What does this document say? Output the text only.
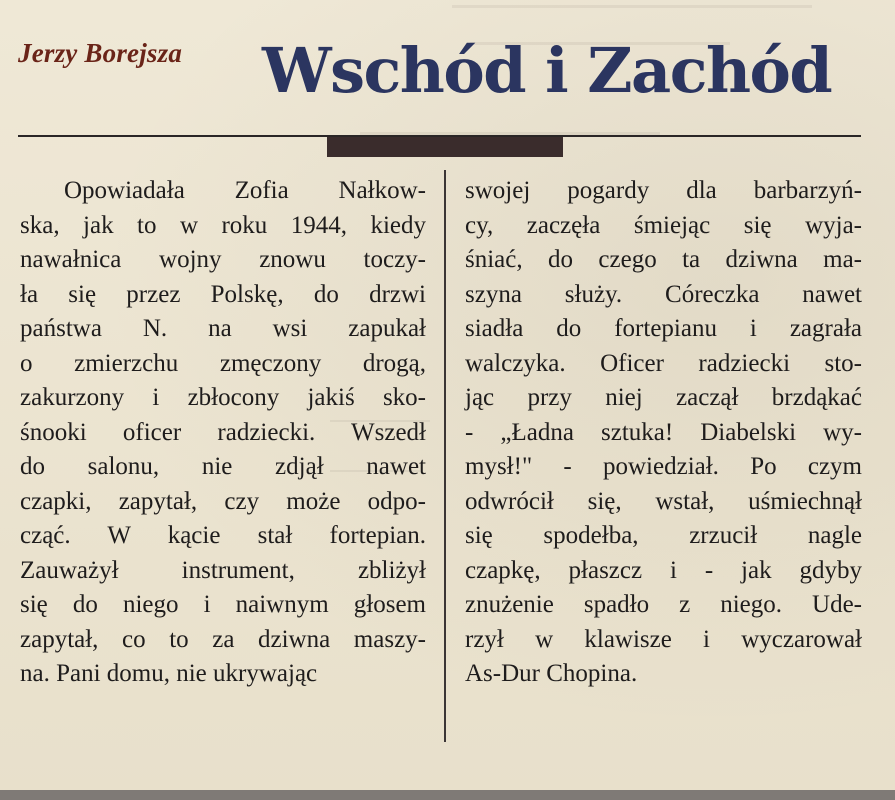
Jerzy Borejsza Wschód i Zachód
Opowiadała Zofia Nałkow-
ska, jak to w roku 1944, kiedy
nawałnica wojny znowu toczy-
ła się przez Polskę, do drzwi
państwa N. na wsi zapukał
o zmierzchu zmęczony drogą,
zakurzony i zbłocony jakiś sko-
śnooki oficer radziecki. Wszedł
do salonu, nie zdjął nawet
czapki, zapytał, czy może odpo-
cząć. W kącie stał fortepian.
Zauważył instrument, zbliżył
się do niego i naiwnym głosem
zapytał, co to za dziwna maszy-
na. Pani domu, nie ukrywając
swojej pogardy dla barbarzyń-
cy, zaczęła śmiejąc się wyja-
śniać, do czego ta dziwna ma-
szyna służy. Córeczka nawet
siadła do fortepianu i zagrała
walczyka. Oficer radziecki sto-
jąc przy niej zaczął brzdąkać
- „Ładna sztuka! Diabelski wy-
mysł!" - powiedział. Po czym
odwrócił się, wstał, uśmiechnął
się spodełba, zrzucił nagle
czapkę, płaszcz i - jak gdyby
znużenie spadło z niego. Ude-
rzył w klawisze i wyczarował
As-Dur Chopina.
